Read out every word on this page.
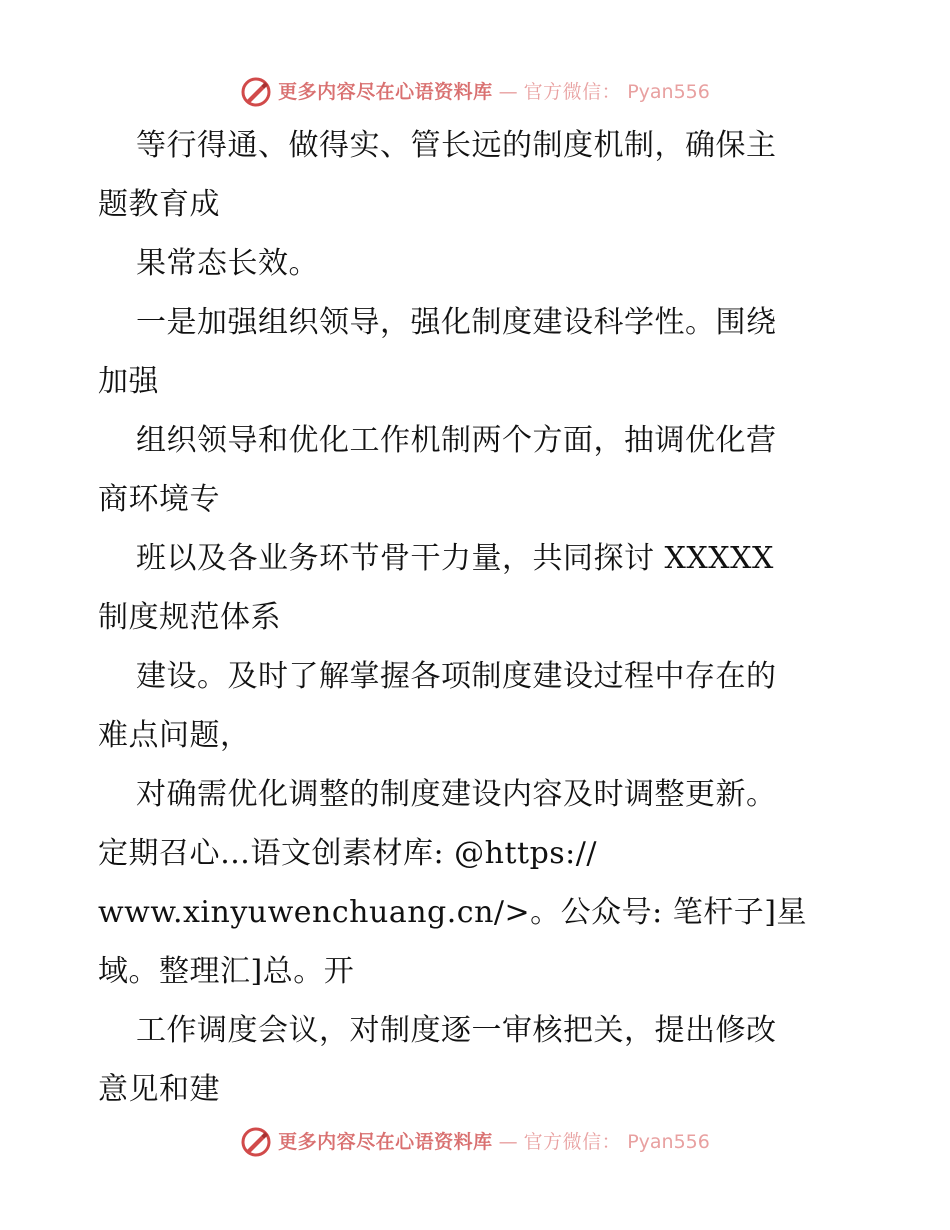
更多内容尽在心语资料库 — 官方微信： Pyan556
等行得通、做得实、管长远的制度机制，确保主
题教育成
果常态长效。
一是加强组织领导，强化制度建设科学性。围绕
加强
组织领导和优化工作机制两个方面，抽调优化营
商环境专
班以及各业务环节骨干力量，共同探讨 XXXXX
制度规范体系
建设。及时了解掌握各项制度建设过程中存在的
难点问题，
对确需优化调整的制度建设内容及时调整更新。
定期召心…语文创素材库: @https://
www.xinyuwenchuang.cn/>。公众号: 笔杆子]星
域。整理汇]总。开
工作调度会议，对制度逐一审核把关，提出修改
意见和建
更多内容尽在心语资料库 — 官方微信： Pyan556
